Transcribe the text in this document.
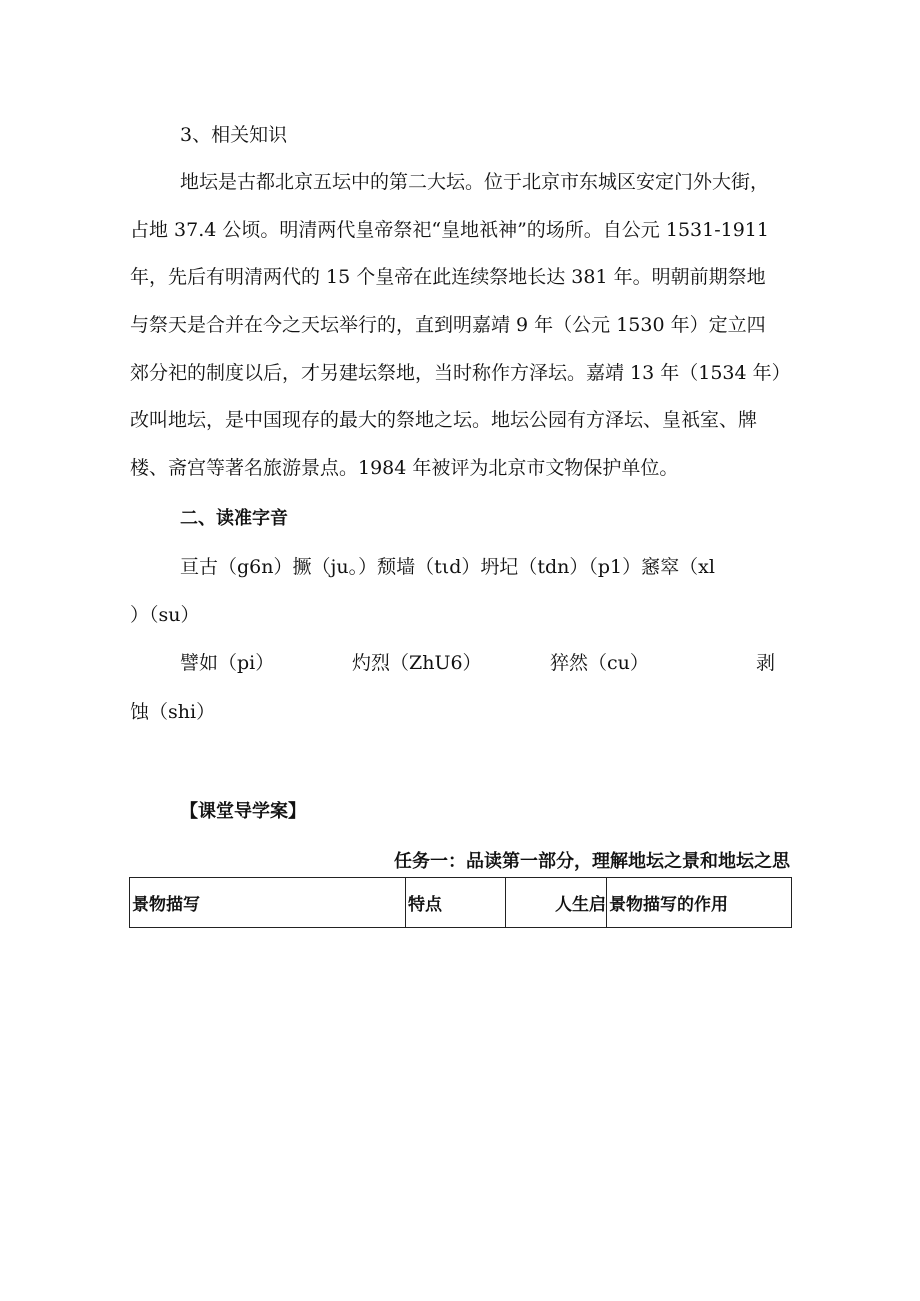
3、相关知识

地坛是古都北京五坛中的第二大坛。位于北京市东城区安定门外大街，

占地 37.4 公顷。明清两代皇帝祭祀“皇地祇神”的场所。自公元 1531-1911

年，先后有明清两代的 15 个皇帝在此连续祭地长达 381 年。明朝前期祭地

与祭天是合并在今之天坛举行的，直到明嘉靖 9 年（公元 1530 年）定立四

郊分祀的制度以后，才另建坛祭地，当时称作方泽坛。嘉靖 13 年（1534 年）

改叫地坛，是中国现存的最大的祭地之坛。地坛公园有方泽坛、皇祇室、牌

楼、斋宫等著名旅游景点。1984 年被评为北京市文物保护单位。

二、读准字音

亘古（g6n）撅（ju。）颓墙（tιd）坍圮（tdn）（p1）窸窣（xl

）（su）

譬如（pi）	灼烈（ZhU6）	猝然（cu）	剥

蚀（shi）

【课堂导学案】

任务一：品读第一部分，理解地坛之景和地坛之思
景物描写	特点	人生启	景物描写的作用
